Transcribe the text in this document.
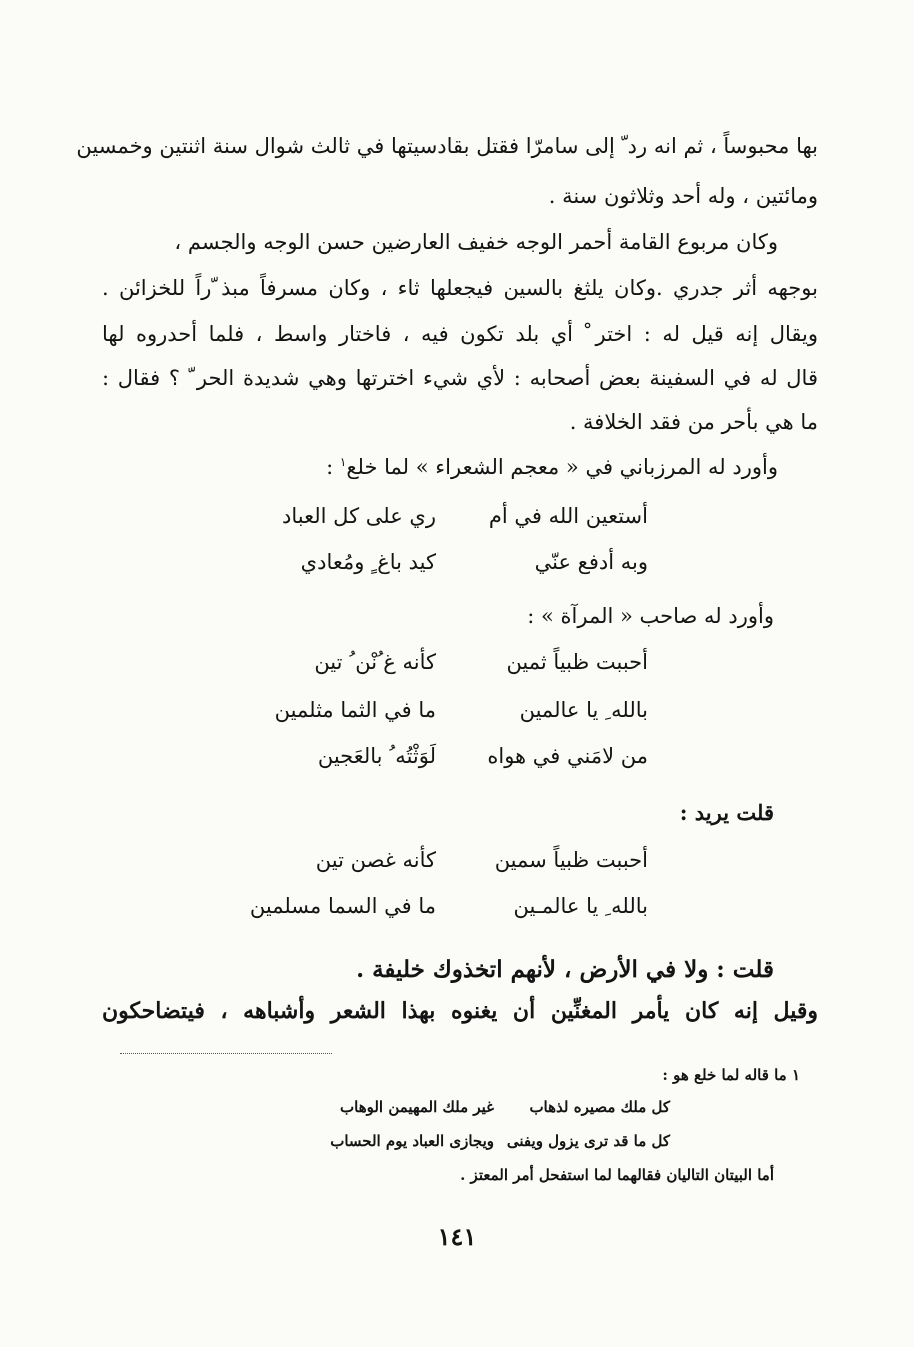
بها محبوساً ، ثم انه رد ّ إلى سامرّا فقتل بقادسيتها في ثالث شوال سنة اثنتين وخمسين
ومائتين ، وله أحد وثلاثون سنة .
وكان مربوع القامة أحمر الوجه خفيف العارضين حسن الوجه والجسم ،
بوجهه أثر جدري .وكان يلثغ بالسين فيجعلها ثاء ، وكان مسرفاً مبذ ّراً للخزائن .
ويقال إنه قيل له : اختر ْ أي بلد تكون فيه ، فاختار واسط ، فلما أحدروه لها
قال له في السفينة بعض أصحابه : لأي شيء اخترتها وهي شديدة الحر ّ ؟ فقال :
ما هي بأحر من فقد الخلافة .
وأورد له المرزباني في « معجم الشعراء » لما خلع$^١$ :
أستعين الله في أم
ري على كل العباد
وبه أدفع عنّي
كيد باغ ٍ ومُعادي
وأورد له صاحب « المرآة » :
أحببت ظبياً ثمين
كأنه غ ُنْن ُ تين
بالله ِ يا عالمين
ما في الثما مثلمين
من لامَني في هواه
لَوَثْتُه ُ بالعَجين
قلت يريد :
أحببت ظبياً سمين
كأنه غصن تين
بالله ِ يا عالمـين
ما في السما مسلمين
قلت : ولا في الأرض ، لأنهم اتخذوك خليفة .
وقيل إنه كان يأمر المغنِّين أن يغنوه بهذا الشعر وأشباهه ، فيتضاحكون
١ ما قاله لما خلع هو :
كل ملك مصيره لذهاب
غير ملك المهيمن الوهاب
كل ما قد ترى يزول ويفنى
ويجازى العباد يوم الحساب
أما البيتان التاليان فقالهما لما استفحل أمر المعتز .
١٤١
